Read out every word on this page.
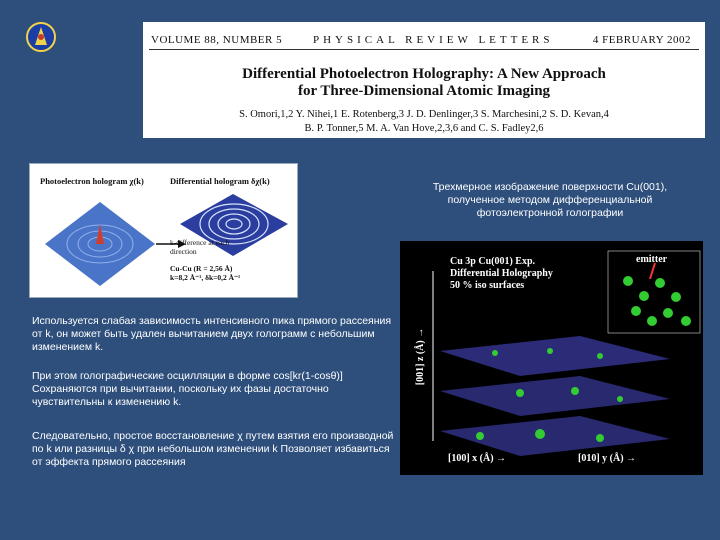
VOLUME 88, NUMBER 5	PHYSICAL REVIEW LETTERS	4 FEBRUARY 2002
Differential Photoelectron Holography: A New Approach
for Three-Dimensional Atomic Imaging
S. Omori,1,2 Y. Nihei,1 E. Rotenberg,3 J. D. Denlinger,3 S. Marchesini,2 S. D. Kevan,4
B. P. Tonner,5 M. A. Van Hove,2,3,6 and C. S. Fadley2,6
Photoelectron hologram χ(k)	Differential hologram δχ(k)
k-difference at each direction
Cu-Cu (R = 2,56 Å)
k=8,2 Å⁻¹, δk=0,2 Å⁻¹
Используется слабая зависимость интенсивного пика прямого рассеяния от k, он может быть удален вычитанием двух голограмм с небольшим изменением k.
При этом голографические осцилляции в форме cos[kr(1-cosθ)] Сохраняются при вычитании, поскольку их фазы достаточно чувствительны к изменению k.
Следовательно, простое восстановление χ путем взятия его производной по k или разницы δ χ при небольшом изменении k Позволяет избавиться от эффекта прямого рассеяния
Трехмерное изображение поверхности Cu(001), полученное методом дифференциальной фотоэлектронной голографии
Cu 3p Cu(001) Exp.
Differential Holography
50 % iso surfaces
emitter
[001] z (Å) →
[100] x (Å) →	[010] y (Å) →
